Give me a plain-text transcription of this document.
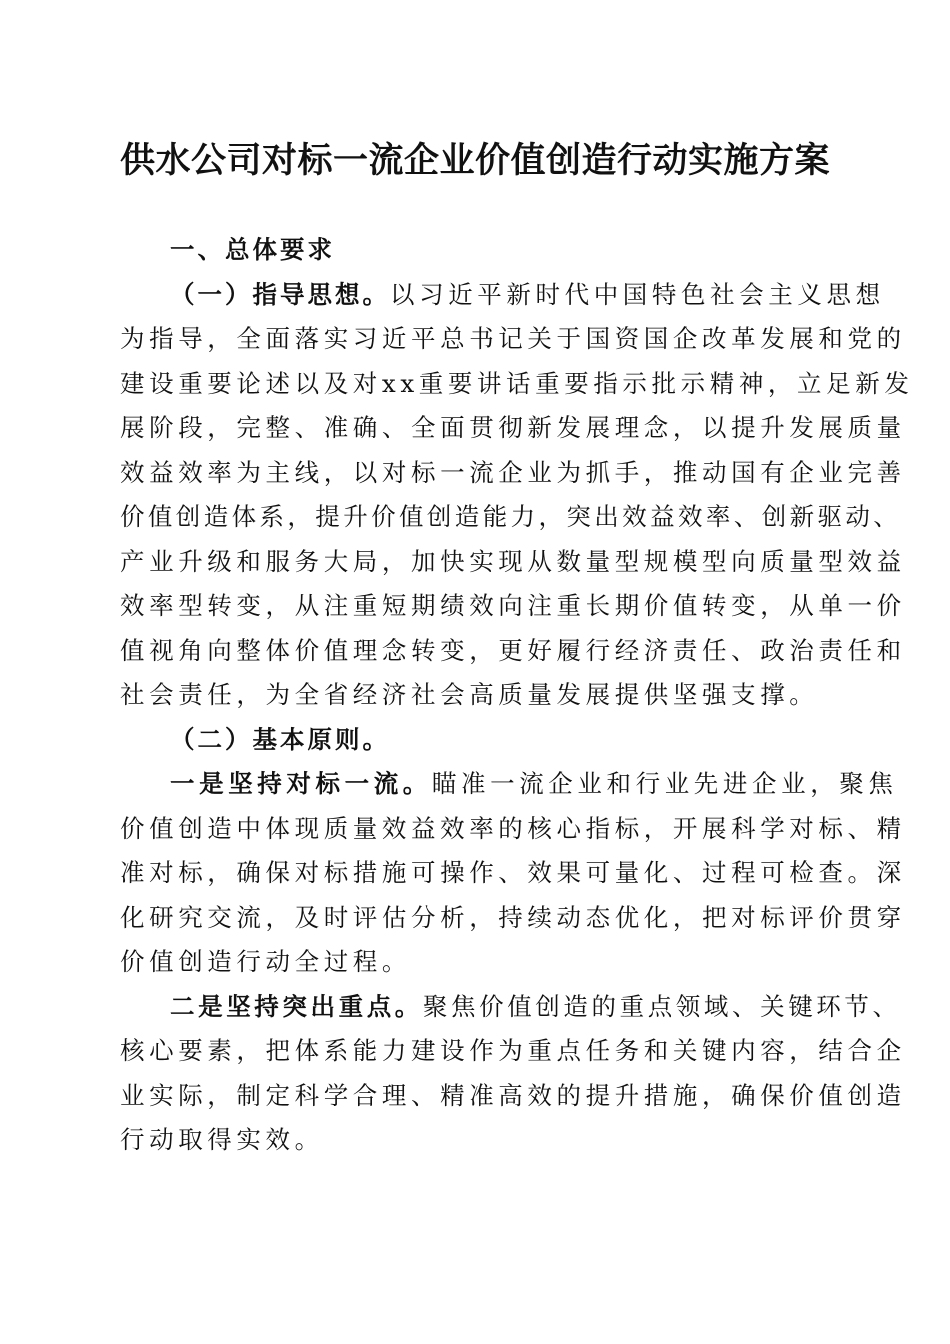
供水公司对标一流企业价值创造行动实施方案
一、总体要求
（一）指导思想。以习近平新时代中国特色社会主义思想
为指导，全面落实习近平总书记关于国资国企改革发展和党的
建设重要论述以及对xx重要讲话重要指示批示精神，立足新发
展阶段，完整、准确、全面贯彻新发展理念，以提升发展质量
效益效率为主线，以对标一流企业为抓手，推动国有企业完善
价值创造体系，提升价值创造能力，突出效益效率、创新驱动、
产业升级和服务大局，加快实现从数量型规模型向质量型效益
效率型转变，从注重短期绩效向注重长期价值转变，从单一价
值视角向整体价值理念转变，更好履行经济责任、政治责任和
社会责任，为全省经济社会高质量发展提供坚强支撑。
（二）基本原则。
一是坚持对标一流。瞄准一流企业和行业先进企业，聚焦
价值创造中体现质量效益效率的核心指标，开展科学对标、精
准对标，确保对标措施可操作、效果可量化、过程可检查。深
化研究交流，及时评估分析，持续动态优化，把对标评价贯穿
价值创造行动全过程。
二是坚持突出重点。聚焦价值创造的重点领域、关键环节、
核心要素，把体系能力建设作为重点任务和关键内容，结合企
业实际，制定科学合理、精准高效的提升措施，确保价值创造
行动取得实效。
